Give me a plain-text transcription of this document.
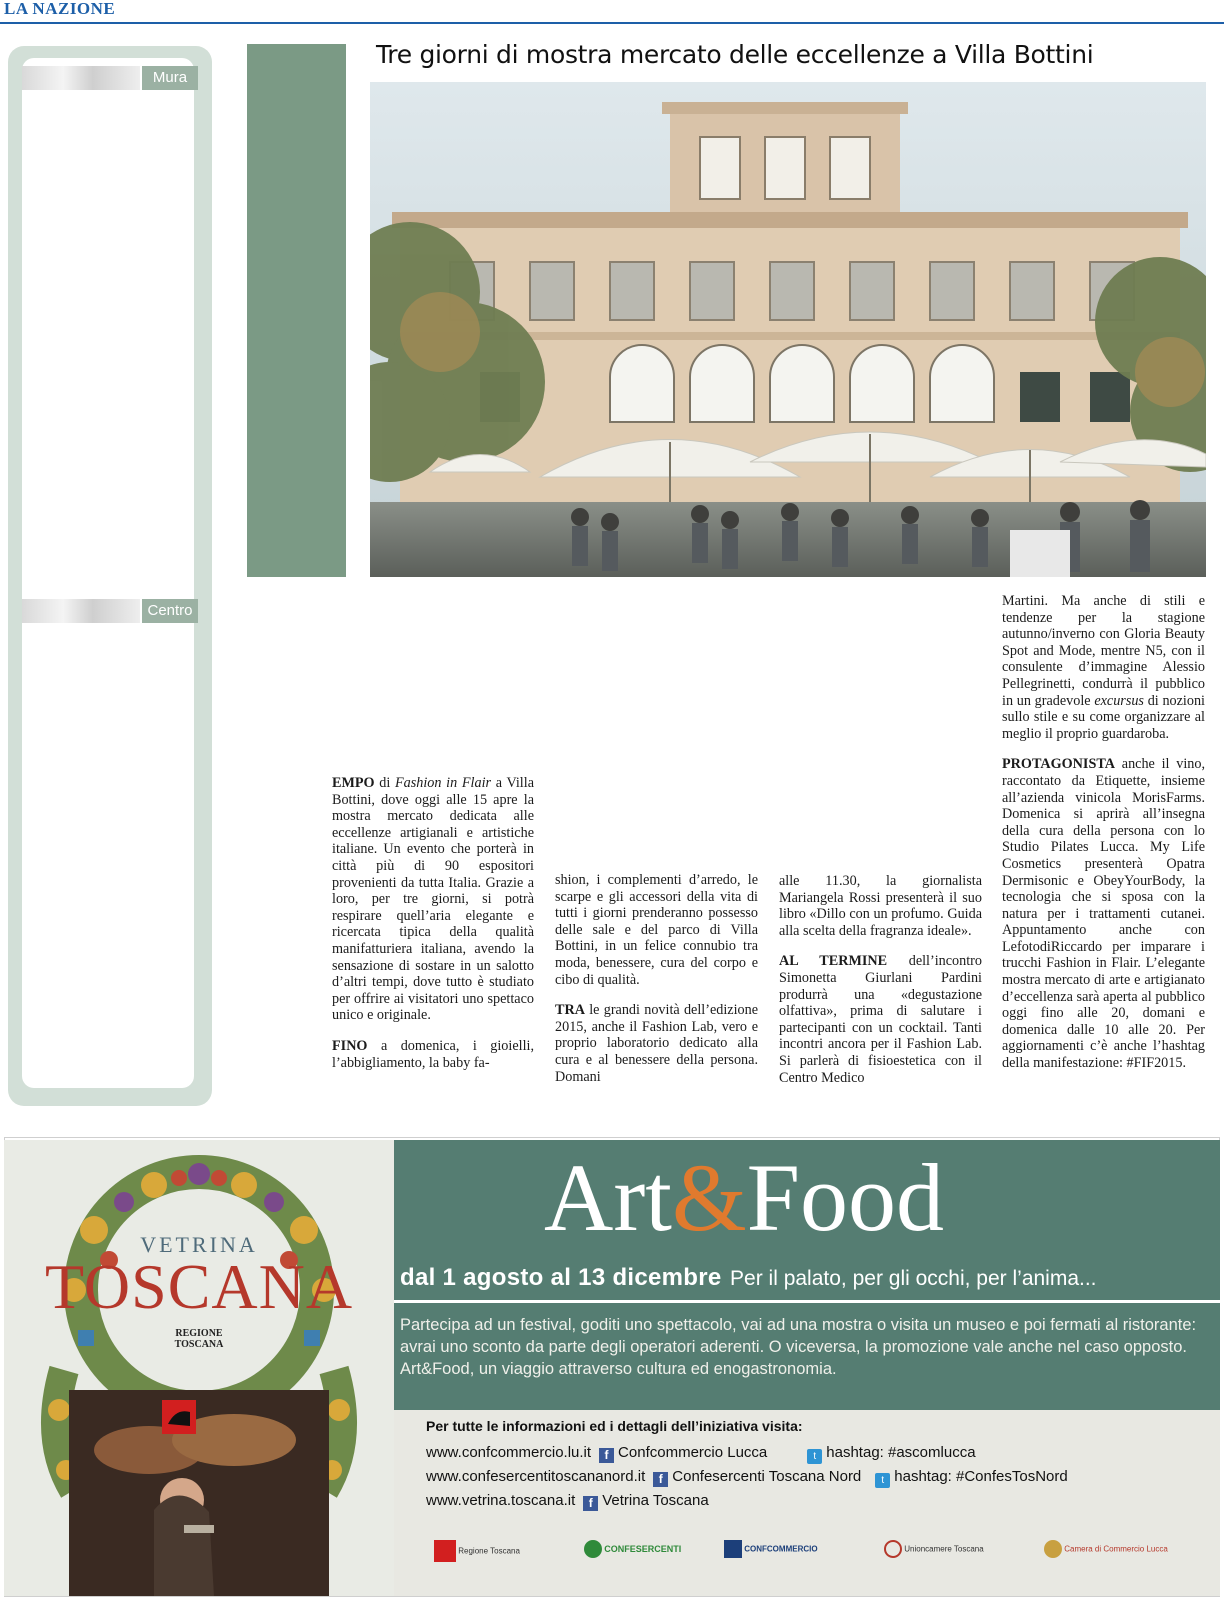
LA NAZIONE
Mura
Centro
Tre giorni di mostra mercato delle eccellenze a Villa Bottini

EMPO di Fashion in Flair a Villa Bottini, dove oggi alle 15 apre la mostra mercato dedicata alle eccellenze artigianali e artistiche italiane. Un evento che porterà in città più di 90 espositori provenienti da tutta Italia. Grazie a loro, per tre giorni, si potrà respirare quell’aria elegante e ricercata tipica della qualità manifatturiera italiana, avendo la sensazione di sostare in un salotto d’altri tempi, dove tutto è studiato per offrire ai visitatori uno spettaco unico e originale.

FINO a domenica, i gioielli, l’abbigliamento, la baby fa-

shion, i complementi d’arredo, le scarpe e gli accessori della vita di tutti i giorni prenderanno possesso delle sale e del parco di Villa Bottini, in un felice connubio tra moda, benessere, cura del corpo e cibo di qualità.

TRA le grandi novità dell’edizione 2015, anche il Fashion Lab, vero e proprio laboratorio dedicato alla cura e al benessere della persona. Domani

alle 11.30, la giornalista Mariangela Rossi presenterà il suo libro «Dillo con un profumo. Guida alla scelta della fragranza ideale».

AL TERMINE dell’incontro Simonetta Giurlani Pardini produrrà una «degustazione olfattiva», prima di salutare i partecipanti con un cocktail. Tanti incontri ancora per il Fashion Lab. Si parlerà di fisioestetica con il Centro Medico

Martini. Ma anche di stili e tendenze per la stagione autunno/inverno con Gloria Beauty Spot and Mode, mentre N5, con il consulente d’immagine Alessio Pellegrinetti, condurrà il pubblico in un gradevole excursus di nozioni sullo stile e su come organizzare al meglio il proprio guardaroba.

PROTAGONISTA anche il vino, raccontato da Etiquette, insieme all’azienda vinicola MorisFarms. Domenica si aprirà all’insegna della cura della persona con lo Studio Pilates Lucca. My Life Cosmetics presenterà Opatra Dermisonic e ObeyYourBody, la tecnologia che si sposa con la natura per i trattamenti cutanei. Appuntamento anche con LefotodiRiccardo per imparare i trucchi Fashion in Flair. L’elegante mostra mercato di arte e artigianato d’eccellenza sarà aperta al pubblico oggi fino alle 20, domani e domenica dalle 10 alle 20. Per aggiornamenti c’è anche l’hashtag della manifestazione: #FIF2015.

VETRINA
TOSCANA
REGIONE
TOSCANA
Art&Food
dal 1 agosto al 13 dicembre Per il palato, per gli occhi, per l’anima...
Partecipa ad un festival, goditi uno spettacolo, vai ad una mostra o visita un museo e poi fermati al ristorante: avrai uno sconto da parte degli operatori aderenti. O viceversa, la promozione vale anche nel caso opposto. Art&Food, un viaggio attraverso cultura ed enogastronomia.
Per tutte le informazioni ed i dettagli dell’iniziativa visita:
www.confcommercio.lu.it f Confcommercio Lucca	t hashtag: #ascomlucca
www.confesercentitoscananord.it f Confesercenti Toscana Nord t hashtag: #ConfesTosNord
www.vetrina.toscana.it f Vetrina Toscana
Regione Toscana	CONFESERCENTI	CONFCOMMERCIO	Unioncamere Toscana	Camera di Commercio Lucca
